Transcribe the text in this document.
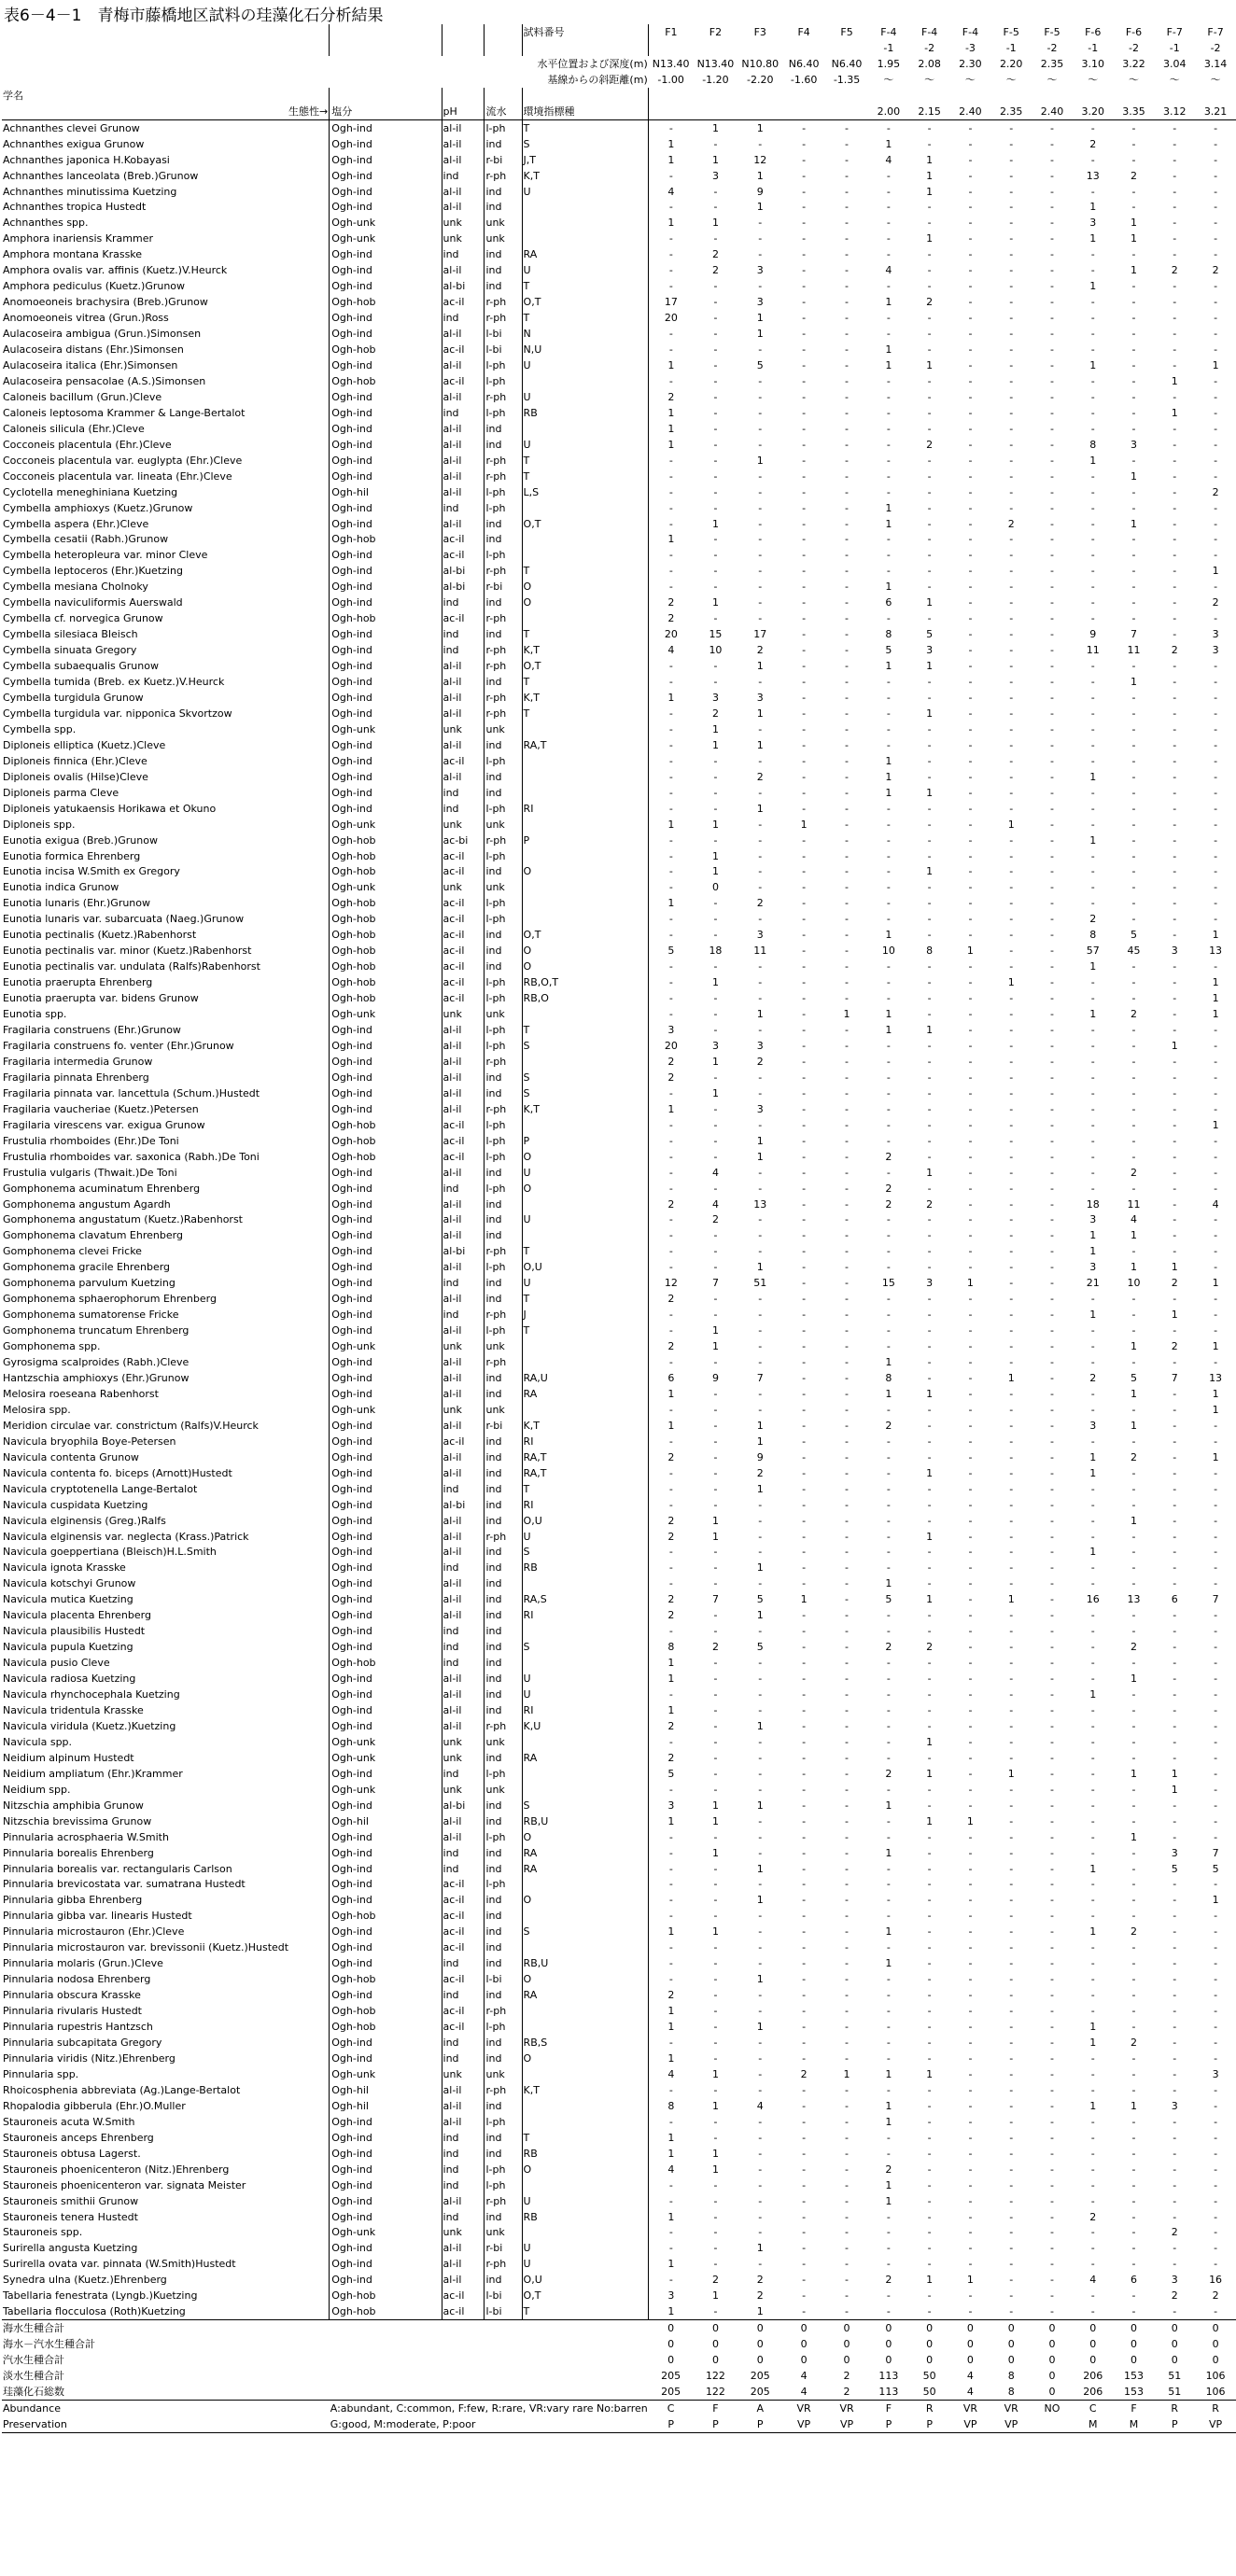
表6－4－1　青梅市藤橋地区試料の珪藻化石分析結果
				試料番号	F1	F2	F3	F4	F5	F-4	F-4	F-4	F-5	F-5	F-6	F-6	F-7	F-7
										-1	-2	-3	-1	-2	-1	-2	-1	-2
水平位置および深度(m)					N13.40	N13.40	N10.80	N6.40	N6.40	1.95	2.08	2.30	2.20	2.35	3.10	3.22	3.04	3.14
基線からの斜距離(m)					-1.00	-1.20	-2.20	-1.60	-1.35	～	～	～	～	～	～	～	～	～
学名																		
生態性→	塩分	pH	流水	環境指標種						2.00	2.15	2.40	2.35	2.40	3.20	3.35	3.12	3.21
Achnanthes clevei Grunow	Ogh-ind	al-il	l-ph	T	-	1	1	-	-	-	-	-	-	-	-	-	-	-
Achnanthes exigua Grunow	Ogh-ind	al-il	ind	S	1	-	-	-	-	1	-	-	-	-	2	-	-	-
Achnanthes japonica H.Kobayasi	Ogh-ind	al-il	r-bi	J,T	1	1	12	-	-	4	1	-	-	-	-	-	-	-
Achnanthes lanceolata (Breb.)Grunow	Ogh-ind	ind	r-ph	K,T	-	3	1	-	-	-	1	-	-	-	13	2	-	-
Achnanthes minutissima Kuetzing	Ogh-ind	al-il	ind	U	4	-	9	-	-	-	1	-	-	-	-	-	-	-
Achnanthes tropica Hustedt	Ogh-ind	al-il	ind		-	-	1	-	-	-	-	-	-	-	1	-	-	-
Achnanthes spp.	Ogh-unk	unk	unk		1	1	-	-	-	-	-	-	-	-	3	1	-	-
Amphora inariensis Krammer	Ogh-unk	unk	unk		-	-	-	-	-	-	1	-	-	-	1	1	-	-
Amphora montana Krasske	Ogh-ind	ind	ind	RA	-	2	-	-	-	-	-	-	-	-	-	-	-	-
Amphora ovalis var. affinis (Kuetz.)V.Heurck	Ogh-ind	al-il	ind	U	-	2	3	-	-	4	-	-	-	-	-	1	2	2
Amphora pediculus (Kuetz.)Grunow	Ogh-ind	al-bi	ind	T	-	-	-	-	-	-	-	-	-	-	1	-	-	-
Anomoeoneis brachysira (Breb.)Grunow	Ogh-hob	ac-il	r-ph	O,T	17	-	3	-	-	1	2	-	-	-	-	-	-	-
Anomoeoneis vitrea (Grun.)Ross	Ogh-ind	ind	r-ph	T	20	-	1	-	-	-	-	-	-	-	-	-	-	-
Aulacoseira ambigua (Grun.)Simonsen	Ogh-ind	al-il	l-bi	N	-	-	1	-	-	-	-	-	-	-	-	-	-	-
Aulacoseira distans (Ehr.)Simonsen	Ogh-hob	ac-il	l-bi	N,U	-	-	-	-	-	1	-	-	-	-	-	-	-	-
Aulacoseira italica (Ehr.)Simonsen	Ogh-ind	al-il	l-ph	U	1	-	5	-	-	1	1	-	-	-	1	-	-	1
Aulacoseira pensacolae (A.S.)Simonsen	Ogh-hob	ac-il	l-ph		-	-	-	-	-	-	-	-	-	-	-	-	1	-
Caloneis bacillum (Grun.)Cleve	Ogh-ind	al-il	r-ph	U	2	-	-	-	-	-	-	-	-	-	-	-	-	-
Caloneis leptosoma Krammer & Lange-Bertalot	Ogh-ind	ind	l-ph	RB	1	-	-	-	-	-	-	-	-	-	-	-	1	-
Caloneis silicula (Ehr.)Cleve	Ogh-ind	al-il	ind		1	-	-	-	-	-	-	-	-	-	-	-	-	-
Cocconeis placentula (Ehr.)Cleve	Ogh-ind	al-il	ind	U	1	-	-	-	-	-	2	-	-	-	8	3	-	-
Cocconeis placentula var. euglypta (Ehr.)Cleve	Ogh-ind	al-il	r-ph	T	-	-	1	-	-	-	-	-	-	-	1	-	-	-
Cocconeis placentula var. lineata (Ehr.)Cleve	Ogh-ind	al-il	r-ph	T	-	-	-	-	-	-	-	-	-	-	-	1	-	-
Cyclotella meneghiniana Kuetzing	Ogh-hil	al-il	l-ph	L,S	-	-	-	-	-	-	-	-	-	-	-	-	-	2
Cymbella amphioxys (Kuetz.)Grunow	Ogh-ind	ind	l-ph		-	-	-	-	-	1	-	-	-	-	-	-	-	-
Cymbella aspera (Ehr.)Cleve	Ogh-ind	al-il	ind	O,T	-	1	-	-	-	1	-	-	2	-	-	1	-	-
Cymbella cesatii (Rabh.)Grunow	Ogh-hob	ac-il	ind		1	-	-	-	-	-	-	-	-	-	-	-	-	-
Cymbella heteropleura var. minor Cleve	Ogh-ind	ac-il	l-ph		-	-	-	-	-	-	-	-	-	-	-	-	-	-
Cymbella leptoceros (Ehr.)Kuetzing	Ogh-ind	al-bi	r-ph	T	-	-	-	-	-	-	-	-	-	-	-	-	-	1
Cymbella mesiana Cholnoky	Ogh-ind	al-bi	r-bi	O	-	-	-	-	-	1	-	-	-	-	-	-	-	-
Cymbella naviculiformis Auerswald	Ogh-ind	ind	ind	O	2	1	-	-	-	6	1	-	-	-	-	-	-	2
Cymbella cf. norvegica Grunow	Ogh-hob	ac-il	r-ph		2	-	-	-	-	-	-	-	-	-	-	-	-	-
Cymbella silesiaca Bleisch	Ogh-ind	ind	ind	T	20	15	17	-	-	8	5	-	-	-	9	7	-	3
Cymbella sinuata Gregory	Ogh-ind	ind	r-ph	K,T	4	10	2	-	-	5	3	-	-	-	11	11	2	3
Cymbella subaequalis Grunow	Ogh-ind	al-il	r-ph	O,T	-	-	1	-	-	1	1	-	-	-	-	-	-	-
Cymbella tumida (Breb. ex Kuetz.)V.Heurck	Ogh-ind	al-il	ind	T	-	-	-	-	-	-	-	-	-	-	-	1	-	-
Cymbella turgidula Grunow	Ogh-ind	al-il	r-ph	K,T	1	3	3	-	-	-	-	-	-	-	-	-	-	-
Cymbella turgidula var. nipponica Skvortzow	Ogh-ind	al-il	r-ph	T	-	2	1	-	-	-	1	-	-	-	-	-	-	-
Cymbella spp.	Ogh-unk	unk	unk		-	1	-	-	-	-	-	-	-	-	-	-	-	-
Diploneis elliptica (Kuetz.)Cleve	Ogh-ind	al-il	ind	RA,T	-	1	1	-	-	-	-	-	-	-	-	-	-	-
Diploneis finnica (Ehr.)Cleve	Ogh-ind	ac-il	l-ph		-	-	-	-	-	1	-	-	-	-	-	-	-	-
Diploneis ovalis (Hilse)Cleve	Ogh-ind	al-il	ind		-	-	2	-	-	1	-	-	-	-	1	-	-	-
Diploneis parma Cleve	Ogh-ind	ind	ind		-	-	-	-	-	1	1	-	-	-	-	-	-	-
Diploneis yatukaensis Horikawa et Okuno	Ogh-ind	ind	l-ph	RI	-	-	1	-	-	-	-	-	-	-	-	-	-	-
Diploneis spp.	Ogh-unk	unk	unk		1	1	-	1	-	-	-	-	1	-	-	-	-	-
Eunotia exigua (Breb.)Grunow	Ogh-hob	ac-bi	r-ph	P	-	-	-	-	-	-	-	-	-	-	1	-	-	-
Eunotia formica Ehrenberg	Ogh-hob	ac-il	l-ph		-	1	-	-	-	-	-	-	-	-	-	-	-	-
Eunotia incisa W.Smith ex Gregory	Ogh-hob	ac-il	ind	O	-	1	-	-	-	-	1	-	-	-	-	-	-	-
Eunotia indica Grunow	Ogh-unk	unk	unk		-	0	-	-	-	-	-	-	-	-	-	-	-	-
Eunotia lunaris (Ehr.)Grunow	Ogh-hob	ac-il	l-ph		1	-	2	-	-	-	-	-	-	-	-	-	-	-
Eunotia lunaris var. subarcuata (Naeg.)Grunow	Ogh-hob	ac-il	l-ph		-	-	-	-	-	-	-	-	-	-	2	-	-	-
Eunotia pectinalis (Kuetz.)Rabenhorst	Ogh-hob	ac-il	ind	O,T	-	-	3	-	-	1	-	-	-	-	8	5	-	1
Eunotia pectinalis var. minor (Kuetz.)Rabenhorst	Ogh-hob	ac-il	ind	O	5	18	11	-	-	10	8	1	-	-	57	45	3	13
Eunotia pectinalis var. undulata (Ralfs)Rabenhorst	Ogh-hob	ac-il	ind	O	-	-	-	-	-	-	-	-	-	-	1	-	-	-
Eunotia praerupta Ehrenberg	Ogh-hob	ac-il	l-ph	RB,O,T	-	1	-	-	-	-	-	-	1	-	-	-	-	1
Eunotia praerupta var. bidens Grunow	Ogh-hob	ac-il	l-ph	RB,O	-	-	-	-	-	-	-	-	-	-	-	-	-	1
Eunotia spp.	Ogh-unk	unk	unk		-	-	1	-	1	1	-	-	-	-	1	2	-	1
Fragilaria construens (Ehr.)Grunow	Ogh-ind	al-il	l-ph	T	3	-	-	-	-	1	1	-	-	-	-	-	-	-
Fragilaria construens fo. venter (Ehr.)Grunow	Ogh-ind	al-il	l-ph	S	20	3	3	-	-	-	-	-	-	-	-	-	1	-
Fragilaria intermedia Grunow	Ogh-ind	al-il	r-ph		2	1	2	-	-	-	-	-	-	-	-	-	-	-
Fragilaria pinnata Ehrenberg	Ogh-ind	al-il	ind	S	2	-	-	-	-	-	-	-	-	-	-	-	-	-
Fragilaria pinnata var. lancettula (Schum.)Hustedt	Ogh-ind	al-il	ind	S	-	1	-	-	-	-	-	-	-	-	-	-	-	-
Fragilaria vaucheriae (Kuetz.)Petersen	Ogh-ind	al-il	r-ph	K,T	1	-	3	-	-	-	-	-	-	-	-	-	-	-
Fragilaria virescens var. exigua Grunow	Ogh-hob	ac-il	l-ph		-	-	-	-	-	-	-	-	-	-	-	-	-	1
Frustulia rhomboides (Ehr.)De Toni	Ogh-hob	ac-il	l-ph	P	-	-	1	-	-	-	-	-	-	-	-	-	-	-
Frustulia rhomboides var. saxonica (Rabh.)De Toni	Ogh-hob	ac-il	l-ph	O	-	-	1	-	-	2	-	-	-	-	-	-	-	-
Frustulia vulgaris (Thwait.)De Toni	Ogh-ind	al-il	ind	U	-	4	-	-	-	-	1	-	-	-	-	2	-	-
Gomphonema acuminatum Ehrenberg	Ogh-ind	ind	l-ph	O	-	-	-	-	-	2	-	-	-	-	-	-	-	-
Gomphonema angustum Agardh	Ogh-ind	al-il	ind		2	4	13	-	-	2	2	-	-	-	18	11	-	4
Gomphonema angustatum (Kuetz.)Rabenhorst	Ogh-ind	al-il	ind	U	-	2	-	-	-	-	-	-	-	-	3	4	-	-
Gomphonema clavatum Ehrenberg	Ogh-ind	al-il	ind		-	-	-	-	-	-	-	-	-	-	1	1	-	-
Gomphonema clevei Fricke	Ogh-ind	al-bi	r-ph	T	-	-	-	-	-	-	-	-	-	-	1	-	-	-
Gomphonema gracile Ehrenberg	Ogh-ind	al-il	l-ph	O,U	-	-	1	-	-	-	-	-	-	-	3	1	1	-
Gomphonema parvulum Kuetzing	Ogh-ind	ind	ind	U	12	7	51	-	-	15	3	1	-	-	21	10	2	1
Gomphonema sphaerophorum Ehrenberg	Ogh-ind	al-il	ind	T	2	-	-	-	-	-	-	-	-	-	-	-	-	-
Gomphonema sumatorense Fricke	Ogh-ind	ind	r-ph	J	-	-	-	-	-	-	-	-	-	-	1	-	1	-
Gomphonema truncatum Ehrenberg	Ogh-ind	al-il	l-ph	T	-	1	-	-	-	-	-	-	-	-	-	-	-	-
Gomphonema spp.	Ogh-unk	unk	unk		2	1	-	-	-	-	-	-	-	-	-	1	2	1
Gyrosigma scalproides (Rabh.)Cleve	Ogh-ind	al-il	r-ph		-	-	-	-	-	1	-	-	-	-	-	-	-	-
Hantzschia amphioxys (Ehr.)Grunow	Ogh-ind	al-il	ind	RA,U	6	9	7	-	-	8	-	-	1	-	2	5	7	13
Melosira roeseana Rabenhorst	Ogh-ind	al-il	ind	RA	1	-	-	-	-	1	1	-	-	-	-	1	-	1
Melosira spp.	Ogh-unk	unk	unk		-	-	-	-	-	-	-	-	-	-	-	-	-	1
Meridion circulae var. constrictum (Ralfs)V.Heurck	Ogh-ind	al-il	r-bi	K,T	1	-	1	-	-	2	-	-	-	-	3	1	-	-
Navicula bryophila Boye-Petersen	Ogh-ind	ac-il	ind	RI	-	-	1	-	-	-	-	-	-	-	-	-	-	-
Navicula contenta Grunow	Ogh-ind	al-il	ind	RA,T	2	-	9	-	-	-	-	-	-	-	1	2	-	1
Navicula contenta fo. biceps (Arnott)Hustedt	Ogh-ind	al-il	ind	RA,T	-	-	2	-	-	-	1	-	-	-	1	-	-	-
Navicula cryptotenella Lange-Bertalot	Ogh-ind	ind	ind	T	-	-	1	-	-	-	-	-	-	-	-	-	-	-
Navicula cuspidata Kuetzing	Ogh-ind	al-bi	ind	RI	-	-	-	-	-	-	-	-	-	-	-	-	-	-
Navicula elginensis (Greg.)Ralfs	Ogh-ind	al-il	ind	O,U	2	1	-	-	-	-	-	-	-	-	-	1	-	-
Navicula elginensis var. neglecta (Krass.)Patrick	Ogh-ind	al-il	r-ph	U	2	1	-	-	-	-	1	-	-	-	-	-	-	-
Navicula goeppertiana (Bleisch)H.L.Smith	Ogh-ind	al-il	ind	S	-	-	-	-	-	-	-	-	-	-	1	-	-	-
Navicula ignota Krasske	Ogh-ind	ind	ind	RB	-	-	1	-	-	-	-	-	-	-	-	-	-	-
Navicula kotschyi Grunow	Ogh-ind	al-il	ind		-	-	-	-	-	1	-	-	-	-	-	-	-	-
Navicula mutica Kuetzing	Ogh-ind	al-il	ind	RA,S	2	7	5	1	-	5	1	-	1	-	16	13	6	7
Navicula placenta Ehrenberg	Ogh-ind	al-il	ind	RI	2	-	1	-	-	-	-	-	-	-	-	-	-	-
Navicula plausibilis Hustedt	Ogh-ind	ind	ind		-	-	-	-	-	-	-	-	-	-	-	-	-	-
Navicula pupula Kuetzing	Ogh-ind	ind	ind	S	8	2	5	-	-	2	2	-	-	-	-	2	-	-
Navicula pusio Cleve	Ogh-hob	ind	ind		1	-	-	-	-	-	-	-	-	-	-	-	-	-
Navicula radiosa Kuetzing	Ogh-ind	al-il	ind	U	1	-	-	-	-	-	-	-	-	-	-	1	-	-
Navicula rhynchocephala Kuetzing	Ogh-ind	al-il	ind	U	-	-	-	-	-	-	-	-	-	-	1	-	-	-
Navicula tridentula Krasske	Ogh-ind	al-il	ind	RI	1	-	-	-	-	-	-	-	-	-	-	-	-	-
Navicula viridula (Kuetz.)Kuetzing	Ogh-ind	al-il	r-ph	K,U	2	-	1	-	-	-	-	-	-	-	-	-	-	-
Navicula spp.	Ogh-unk	unk	unk		-	-	-	-	-	-	1	-	-	-	-	-	-	-
Neidium alpinum Hustedt	Ogh-unk	unk	ind	RA	2	-	-	-	-	-	-	-	-	-	-	-	-	-
Neidium ampliatum (Ehr.)Krammer	Ogh-ind	ind	l-ph		5	-	-	-	-	2	1	-	1	-	-	1	1	-
Neidium spp.	Ogh-unk	unk	unk		-	-	-	-	-	-	-	-	-	-	-	-	1	-
Nitzschia amphibia Grunow	Ogh-ind	al-bi	ind	S	3	1	1	-	-	1	-	-	-	-	-	-	-	-
Nitzschia brevissima Grunow	Ogh-hil	al-il	ind	RB,U	1	1	-	-	-	-	1	1	-	-	-	-	-	-
Pinnularia acrosphaeria W.Smith	Ogh-ind	al-il	l-ph	O	-	-	-	-	-	-	-	-	-	-	-	1	-	-
Pinnularia borealis Ehrenberg	Ogh-ind	ind	ind	RA	-	1	-	-	-	1	-	-	-	-	-	-	3	7
Pinnularia borealis var. rectangularis Carlson	Ogh-ind	ind	ind	RA	-	-	1	-	-	-	-	-	-	-	1	-	5	5
Pinnularia brevicostata var. sumatrana Hustedt	Ogh-ind	ac-il	l-ph		-	-	-	-	-	-	-	-	-	-	-	-	-	-
Pinnularia gibba Ehrenberg	Ogh-ind	ac-il	ind	O	-	-	1	-	-	-	-	-	-	-	-	-	-	1
Pinnularia gibba var. linearis Hustedt	Ogh-hob	ac-il	ind		-	-	-	-	-	-	-	-	-	-	-	-	-	-
Pinnularia microstauron (Ehr.)Cleve	Ogh-ind	ac-il	ind	S	1	1	-	-	-	1	-	-	-	-	1	2	-	-
Pinnularia microstauron var. brevissonii (Kuetz.)Hustedt	Ogh-ind	ac-il	ind		-	-	-	-	-	-	-	-	-	-	-	-	-	-
Pinnularia molaris (Grun.)Cleve	Ogh-ind	ind	ind	RB,U	-	-	-	-	-	1	-	-	-	-	-	-	-	-
Pinnularia nodosa Ehrenberg	Ogh-hob	ac-il	l-bi	O	-	-	1	-	-	-	-	-	-	-	-	-	-	-
Pinnularia obscura Krasske	Ogh-ind	ind	ind	RA	2	-	-	-	-	-	-	-	-	-	-	-	-	-
Pinnularia rivularis Hustedt	Ogh-hob	ac-il	r-ph		1	-	-	-	-	-	-	-	-	-	-	-	-	-
Pinnularia rupestris Hantzsch	Ogh-hob	ac-il	l-ph		1	-	1	-	-	-	-	-	-	-	1	-	-	-
Pinnularia subcapitata Gregory	Ogh-ind	ind	ind	RB,S	-	-	-	-	-	-	-	-	-	-	1	2	-	-
Pinnularia viridis (Nitz.)Ehrenberg	Ogh-ind	ind	ind	O	1	-	-	-	-	-	-	-	-	-	-	-	-	-
Pinnularia spp.	Ogh-unk	unk	unk		4	1	-	2	1	1	1	-	-	-	-	-	-	3
Rhoicosphenia abbreviata (Ag.)Lange-Bertalot	Ogh-hil	al-il	r-ph	K,T	-	-	-	-	-	-	-	-	-	-	-	-	-	-
Rhopalodia gibberula (Ehr.)O.Muller	Ogh-hil	al-il	ind		8	1	4	-	-	1	-	-	-	-	1	1	3	-
Stauroneis acuta W.Smith	Ogh-ind	al-il	l-ph		-	-	-	-	-	1	-	-	-	-	-	-	-	-
Stauroneis anceps Ehrenberg	Ogh-ind	ind	ind	T	1	-	-	-	-	-	-	-	-	-	-	-	-	-
Stauroneis obtusa Lagerst.	Ogh-ind	ind	ind	RB	1	1	-	-	-	-	-	-	-	-	-	-	-	-
Stauroneis phoenicenteron (Nitz.)Ehrenberg	Ogh-ind	ind	l-ph	O	4	1	-	-	-	2	-	-	-	-	-	-	-	-
Stauroneis phoenicenteron var. signata Meister	Ogh-ind	ind	l-ph		-	-	-	-	-	1	-	-	-	-	-	-	-	-
Stauroneis smithii Grunow	Ogh-ind	al-il	r-ph	U	-	-	-	-	-	1	-	-	-	-	-	-	-	-
Stauroneis tenera Hustedt	Ogh-ind	ind	ind	RB	1	-	-	-	-	-	-	-	-	-	2	-	-	-
Stauroneis spp.	Ogh-unk	unk	unk		-	-	-	-	-	-	-	-	-	-	-	-	2	-
Surirella angusta Kuetzing	Ogh-ind	al-il	r-bi	U	-	-	1	-	-	-	-	-	-	-	-	-	-	-
Surirella ovata var. pinnata (W.Smith)Hustedt	Ogh-ind	al-il	r-ph	U	1	-	-	-	-	-	-	-	-	-	-	-	-	-
Synedra ulna (Kuetz.)Ehrenberg	Ogh-ind	al-il	ind	O,U	-	2	2	-	-	2	1	1	-	-	4	6	3	16
Tabellaria fenestrata (Lyngb.)Kuetzing	Ogh-hob	ac-il	l-bi	O,T	3	1	2	-	-	-	-	-	-	-	-	-	2	2
Tabellaria flocculosa (Roth)Kuetzing	Ogh-hob	ac-il	l-bi	T	1	-	1	-	-	-	-	-	-	-	-	-	-	-
海水生種合計					0	0	0	0	0	0	0	0	0	0	0	0	0	0
海水－汽水生種合計					0	0	0	0	0	0	0	0	0	0	0	0	0	0
汽水生種合計					0	0	0	0	0	0	0	0	0	0	0	0	0	0
淡水生種合計					205	122	205	4	2	113	50	4	8	0	206	153	51	106
珪藻化石総数					205	122	205	4	2	113	50	4	8	0	206	153	51	106
Abundance	A:abundant, C:common, F:few, R:rare, VR:vary rare No:barren				C	F	A	VR	VR	F	R	VR	VR	NO	C	F	R	R
Preservation	G:good, M:moderate, P:poor				P	P	P	VP	VP	P	P	VP	VP		M	M	P	VP
